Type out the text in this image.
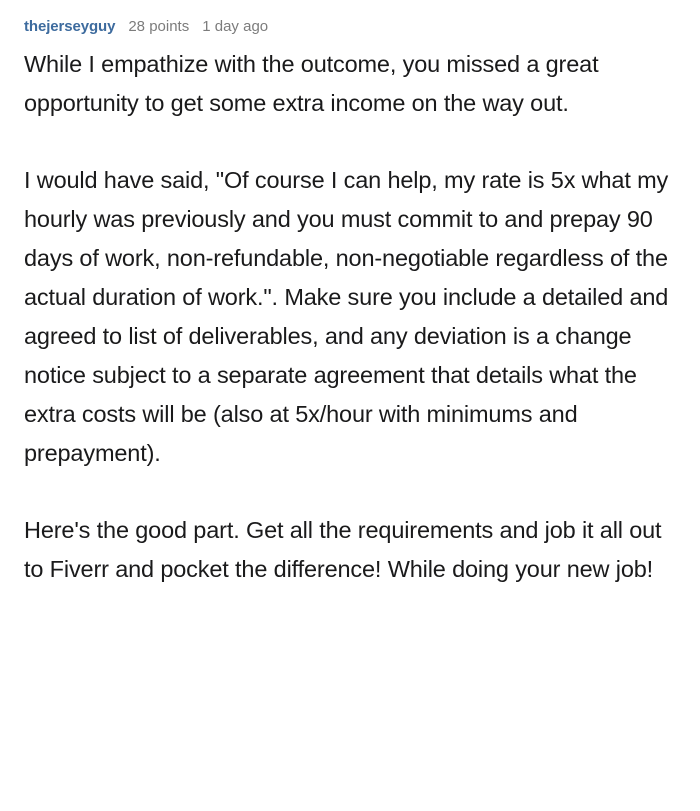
thejerseyguy 28 points 1 day ago

While I empathize with the outcome, you missed a great opportunity to get some extra income on the way out.

I would have said, "Of course I can help, my rate is 5x what my hourly was previously and you must commit to and prepay 90 days of work, non-refundable, non-negotiable regardless of the actual duration of work.". Make sure you include a detailed and agreed to list of deliverables, and any deviation is a change notice subject to a separate agreement that details what the extra costs will be (also at 5x/hour with minimums and prepayment).

Here's the good part. Get all the requirements and job it all out to Fiverr and pocket the difference! While doing your new job!
